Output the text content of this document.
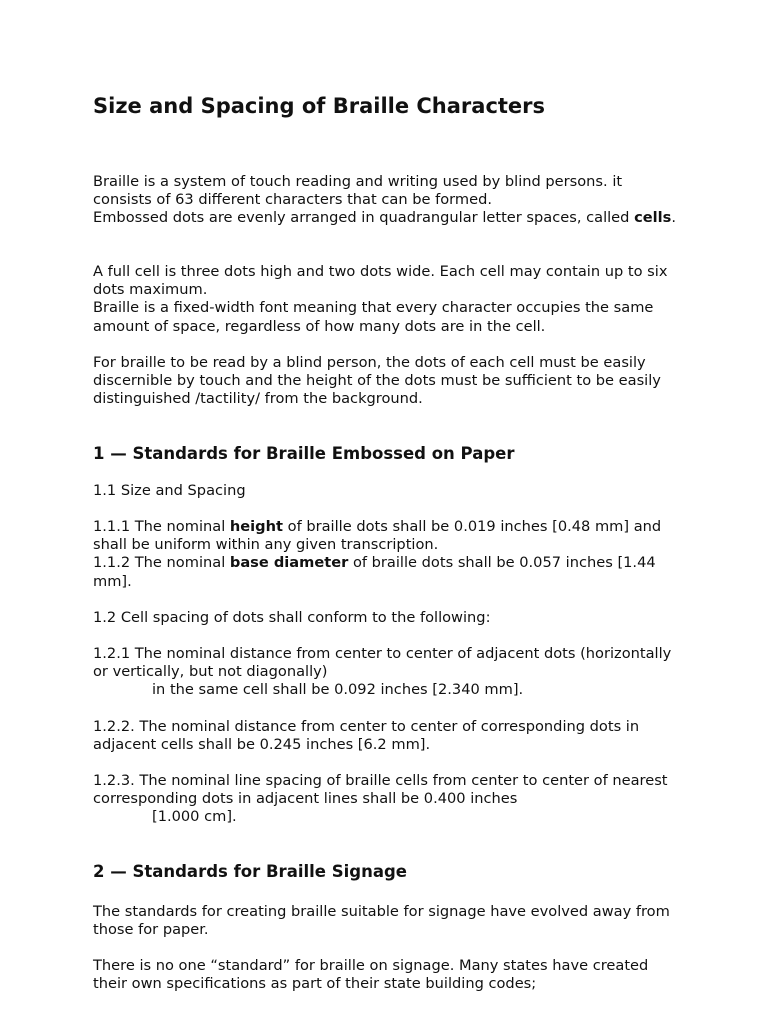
Size and Spacing of Braille Characters
Braille is a system of touch reading and writing used by blind persons. it consists of 63 different characters that can be formed.
Embossed dots are evenly arranged in quadrangular letter spaces, called cells.
A full cell is three dots high and two dots wide. Each cell may contain up to six dots maximum.
Braille is a fixed-width font meaning that every character occupies the same amount of space, regardless of how many dots are in the cell.
For braille to be read by a blind person, the dots of each cell must be easily discernible by touch and the height of the dots must be sufficient to be easily distinguished /tactility/ from the background.
1 — Standards for Braille Embossed on Paper
1.1 Size and Spacing
1.1.1 The nominal height of braille dots shall be 0.019 inches [0.48 mm] and shall be uniform within any given transcription.
1.1.2 The nominal base diameter of braille dots shall be 0.057 inches [1.44 mm].
1.2 Cell spacing of dots shall conform to the following:
1.2.1 The nominal distance from center to center of adjacent dots (horizontally or vertically, but not diagonally)
in the same cell shall be 0.092 inches [2.340 mm].
1.2.2. The nominal distance from center to center of corresponding dots in adjacent cells shall be 0.245 inches [6.2 mm].
1.2.3. The nominal line spacing of braille cells from center to center of nearest corresponding dots in adjacent lines shall be 0.400 inches
[1.000 cm].
2 — Standards for Braille Signage
The standards for creating braille suitable for signage have evolved away from those for paper.
There is no one “standard” for braille on signage. Many states have created their own specifications as part of their state building codes;
